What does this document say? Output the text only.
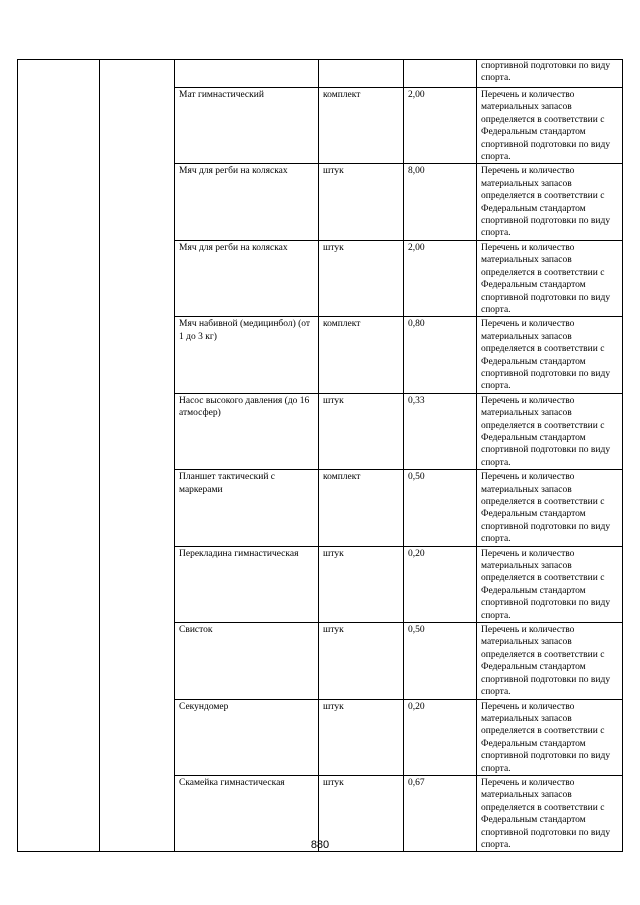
					спортивной подготовки по виду спорта.
		Мат гимнастический	комплект	2,00	Перечень и количество материальных запасов определяется в соответствии с Федеральным стандартом спортивной подготовки по виду спорта.
		Мяч для регби на колясках	штук	8,00	Перечень и количество материальных запасов определяется в соответствии с Федеральным стандартом спортивной подготовки по виду спорта.
		Мяч для регби на колясках	штук	2,00	Перечень и количество материальных запасов определяется в соответствии с Федеральным стандартом спортивной подготовки по виду спорта.
		Мяч набивной (медицинбол) (от 1 до 3 кг)	комплект	0,80	Перечень и количество материальных запасов определяется в соответствии с Федеральным стандартом спортивной подготовки по виду спорта.
		Насос высокого давления (до 16 атмосфер)	штук	0,33	Перечень и количество материальных запасов определяется в соответствии с Федеральным стандартом спортивной подготовки по виду спорта.
		Планшет тактический с маркерами	комплект	0,50	Перечень и количество материальных запасов определяется в соответствии с Федеральным стандартом спортивной подготовки по виду спорта.
		Перекладина гимнастическая	штук	0,20	Перечень и количество материальных запасов определяется в соответствии с Федеральным стандартом спортивной подготовки по виду спорта.
		Свисток	штук	0,50	Перечень и количество материальных запасов определяется в соответствии с Федеральным стандартом спортивной подготовки по виду спорта.
		Секундомер	штук	0,20	Перечень и количество материальных запасов определяется в соответствии с Федеральным стандартом спортивной подготовки по виду спорта.
		Скамейка гимнастическая	штук	0,67	Перечень и количество материальных запасов определяется в соответствии с Федеральным стандартом спортивной подготовки по виду спорта.
880
